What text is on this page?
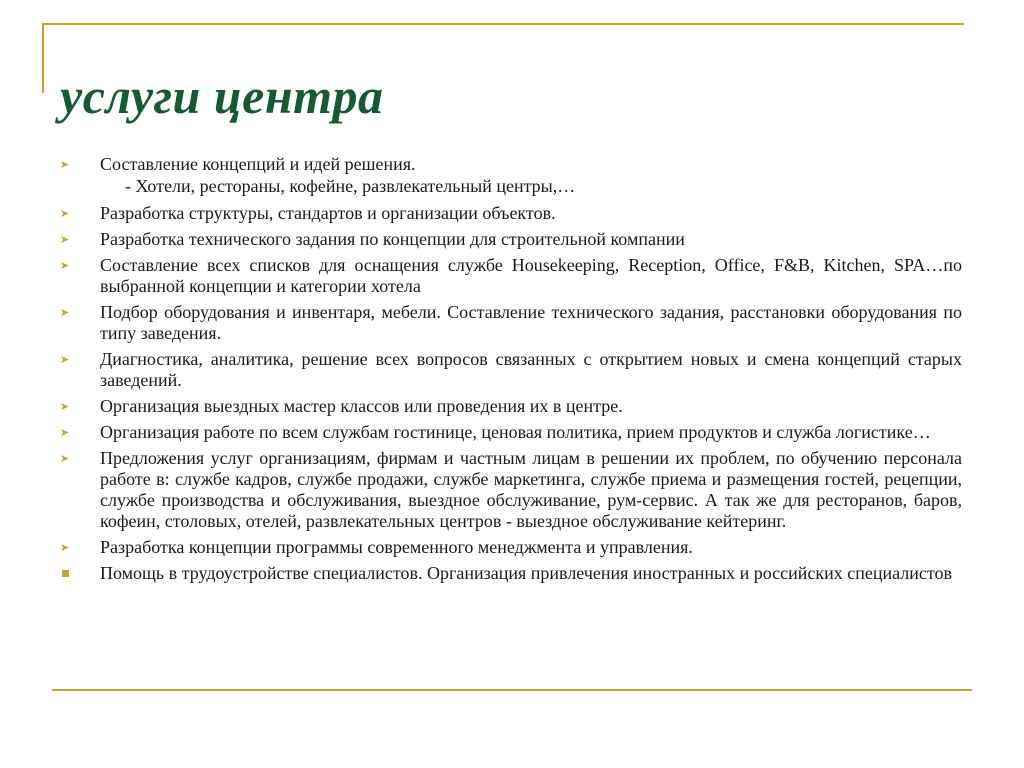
услуги центра
➤ Составление концепций и идей решения.
- Хотели, рестораны, кофейне, развлекательный центры,…
➤ Разработка структуры, стандартов и организации объектов.
➤ Разработка технического задания по концепции для строительной компании
➤ Составление всех списков для оснащения службе Housekeeping, Reception, Office, F&B, Kitchen, SPA…по выбранной концепции и категории хотела
➤ Подбор оборудования и инвентаря, мебели. Составление технического задания, расстановки оборудования по типу заведения.
➤ Диагностика, аналитика, решение всех вопросов связанных с открытием новых и смена концепций старых заведений.
➤ Организация выездных мастер классов или проведения их в центре.
➤ Организация работе по всем службам гостинице, ценовая политика, прием продуктов и служба логистике…
➤ Предложения услуг организациям, фирмам и частным лицам в решении их проблем, по обучению персонала работе в: службе кадров, службе продажи, службе маркетинга, службе приема и размещения гостей, рецепции, службе производства и обслуживания, выездное обслуживание, рум-сервис. А так же для ресторанов, баров, кофеин, столовых, отелей, развлекательных центров - выездное обслуживание кейтеринг.
➤ Разработка концепции программы современного менеджмента и управления.
Помощь в трудоустройстве специалистов. Организация привлечения иностранных и российских специалистов
